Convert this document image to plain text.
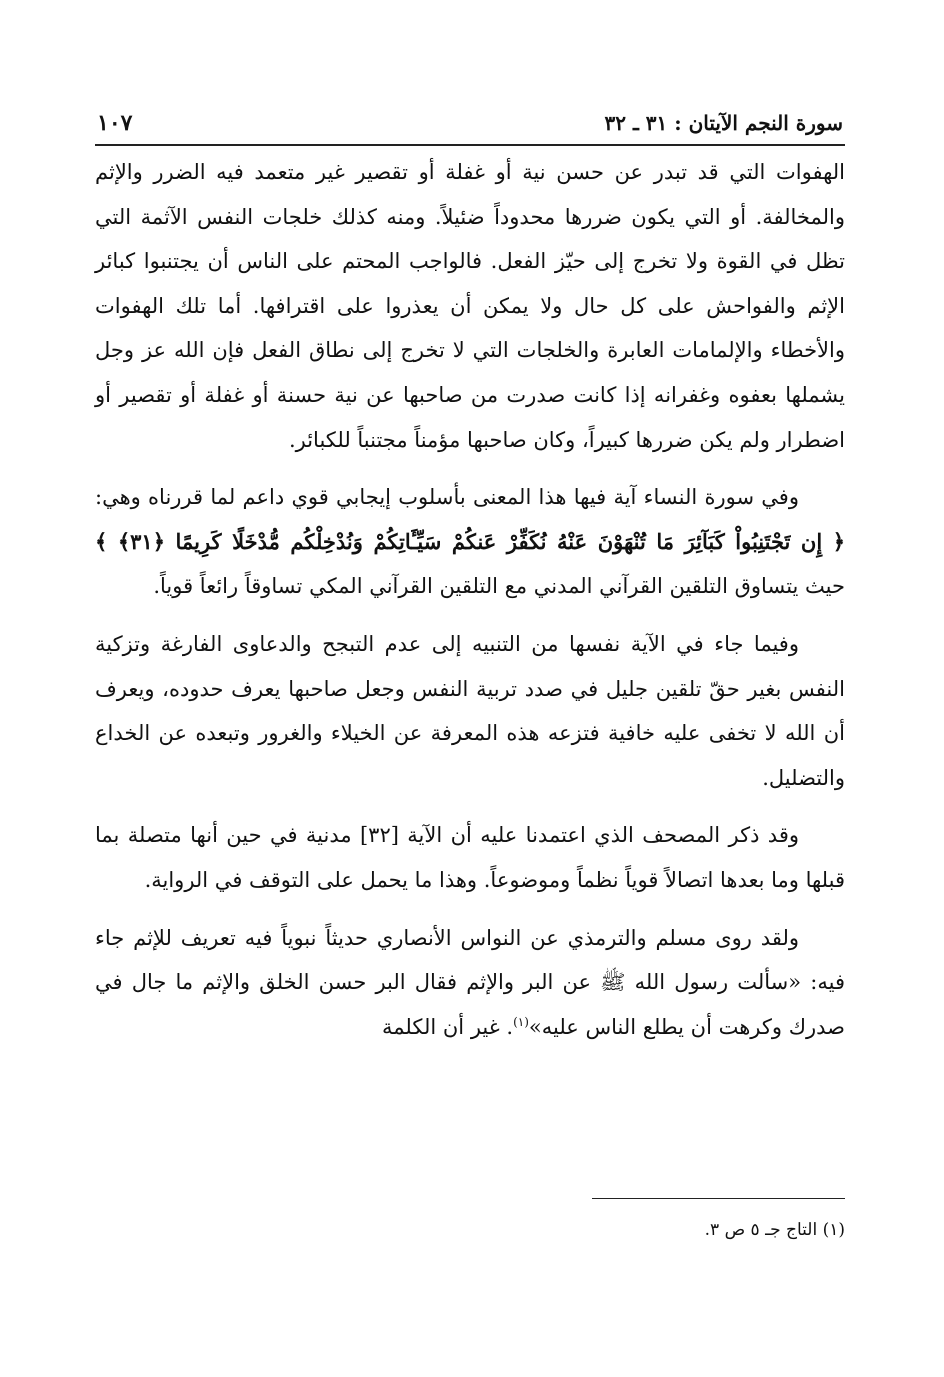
سورة النجم الآيتان : ٣١ ـ ٣٢
١٠٧

الهفوات التي قد تبدر عن حسن نية أو غفلة أو تقصير غير متعمد فيه الضرر والإثم والمخالفة. أو التي يكون ضررها محدوداً ضئيلاً. ومنه كذلك خلجات النفس الآثمة التي تظل في القوة ولا تخرج إلى حيّز الفعل. فالواجب المحتم على الناس أن يجتنبوا كبائر الإثم والفواحش على كل حال ولا يمكن أن يعذروا على اقترافها. أما تلك الهفوات والأخطاء والإلمامات العابرة والخلجات التي لا تخرج إلى نطاق الفعل فإن الله عز وجل يشملها بعفوه وغفرانه إذا كانت صدرت من صاحبها عن نية حسنة أو غفلة أو تقصير أو اضطرار ولم يكن ضررها كبيراً، وكان صاحبها مؤمناً مجتنباً للكبائر.

وفي سورة النساء آية فيها هذا المعنى بأسلوب إيجابي قوي داعم لما قررناه وهي: ﴿ إِن تَجْتَنِبُواْ كَبَآئِرَ مَا تُنْهَوْنَ عَنْهُ نُكَفِّرْ عَنكُمْ سَيِّـَٔاتِكُمْ وَنُدْخِلْكُم مُّدْخَلًا كَرِيمًا ﴿٣١﴾ ﴾ حيث يتساوق التلقين القرآني المدني مع التلقين القرآني المكي تساوقاً رائعاً قوياً.

وفيما جاء في الآية نفسها من التنبيه إلى عدم التبجح والدعاوى الفارغة وتزكية النفس بغير حقّ تلقين جليل في صدد تربية النفس وجعل صاحبها يعرف حدوده، ويعرف أن الله لا تخفى عليه خافية فتزعه هذه المعرفة عن الخيلاء والغرور وتبعده عن الخداع والتضليل.

وقد ذكر المصحف الذي اعتمدنا عليه أن الآية [٣٢] مدنية في حين أنها متصلة بما قبلها وما بعدها اتصالاً قوياً نظماً وموضوعاً. وهذا ما يحمل على التوقف في الرواية.

ولقد روى مسلم والترمذي عن النواس الأنصاري حديثاً نبوياً فيه تعريف للإثم جاء فيه: «سألت رسول الله ﷺ عن البر والإثم فقال البر حسن الخلق والإثم ما جال في صدرك وكرهت أن يطلع الناس عليه»$^{(١)}$. غير أن الكلمة

(١) التاج جـ ٥ ص ٣.
